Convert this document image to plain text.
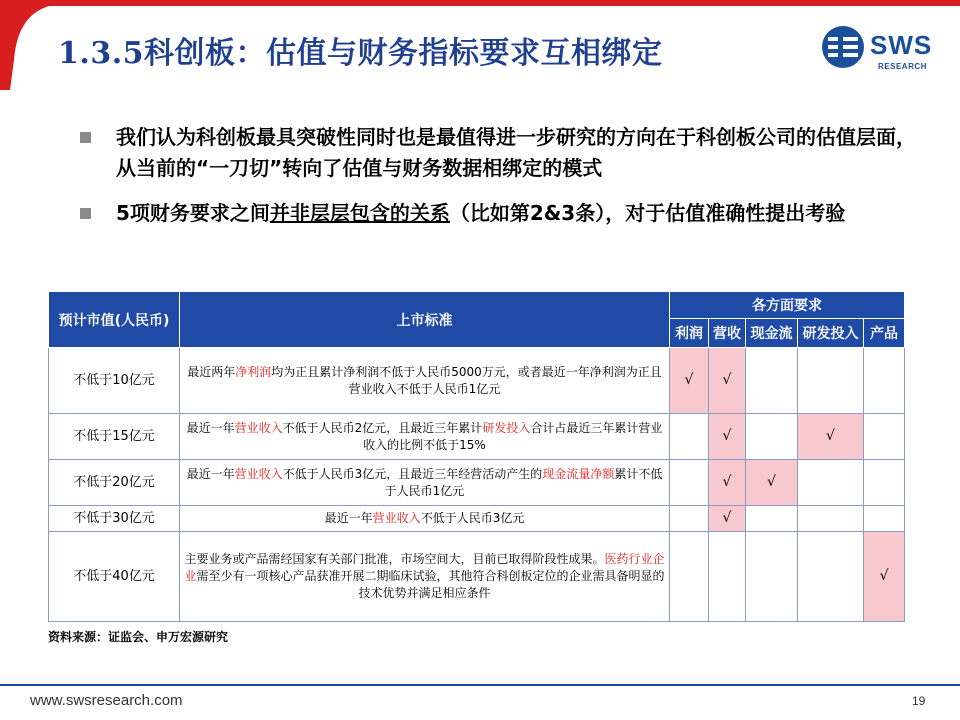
1.3.5科创板：估值与财务指标要求互相绑定	SWS
RESEARCH
我们认为科创板最具突破性同时也是最值得进一步研究的方向在于科创板公司的估值层面，从当前的“一刀切”转向了估值与财务数据相绑定的模式
5项财务要求之间并非层层包含的关系（比如第2&3条），对于估值准确性提出考验
预计市值(人民币)	上市标准	各方面要求				
		利润	营收	现金流	研发投入	产品
不低于10亿元	最近两年净利润均为正且累计净利润不低于人民币5000万元，或者最近一年净利润为正且营业收入不低于人民币1亿元	√	√			
不低于15亿元	最近一年营业收入不低于人民币2亿元，且最近三年累计研发投入合计占最近三年累计营业收入的比例不低于15%		√		√	
不低于20亿元	最近一年营业收入不低于人民币3亿元，且最近三年经营活动产生的现金流量净额累计不低于人民币1亿元		√	√		
不低于30亿元	最近一年营业收入不低于人民币3亿元		√			
不低于40亿元	主要业务或产品需经国家有关部门批准，市场空间大，目前已取得阶段性成果。医药行业企业需至少有一项核心产品获准开展二期临床试验，其他符合科创板定位的企业需具备明显的技术优势并满足相应条件					√
资料来源：证监会、申万宏源研究
www.swsresearch.com	19
